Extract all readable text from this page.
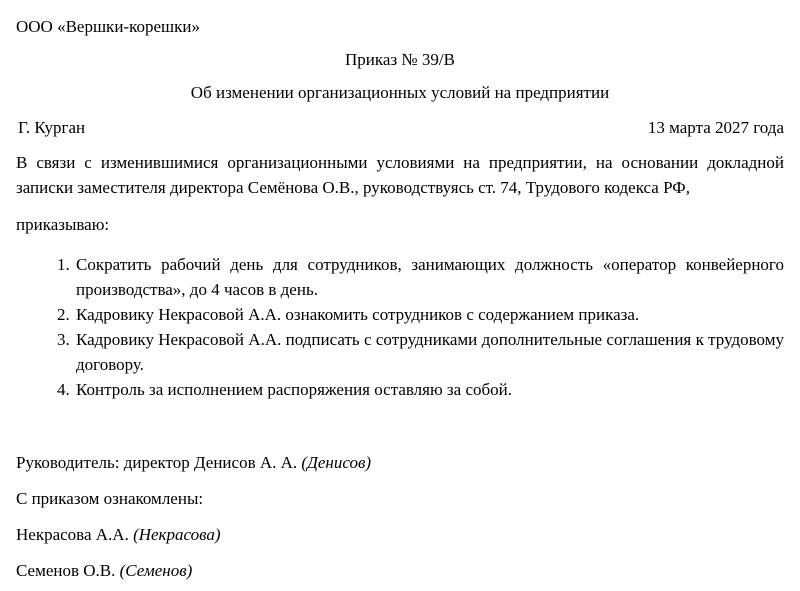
ООО «Вершки-корешки»

Приказ № 39/В

Об изменении организационных условий на предприятии

Г. Курган	13 марта 2027 года

В связи с изменившимися организационными условиями на предприятии, на основании докладной записки заместителя директора Семёнова О.В., руководствуясь ст. 74, Трудового кодекса РФ,

приказываю:

1. Сократить рабочий день для сотрудников, занимающих должность «оператор конвейерного производства», до 4 часов в день.
2. Кадровику Некрасовой А.А. ознакомить сотрудников с содержанием приказа.
3. Кадровику Некрасовой А.А. подписать с сотрудниками дополнительные соглашения к трудовому договору.
4. Контроль за исполнением распоряжения оставляю за собой.

Руководитель: директор Денисов А. А. (Денисов)

С приказом ознакомлены:

Некрасова А.А. (Некрасова)

Семенов О.В. (Семенов)
